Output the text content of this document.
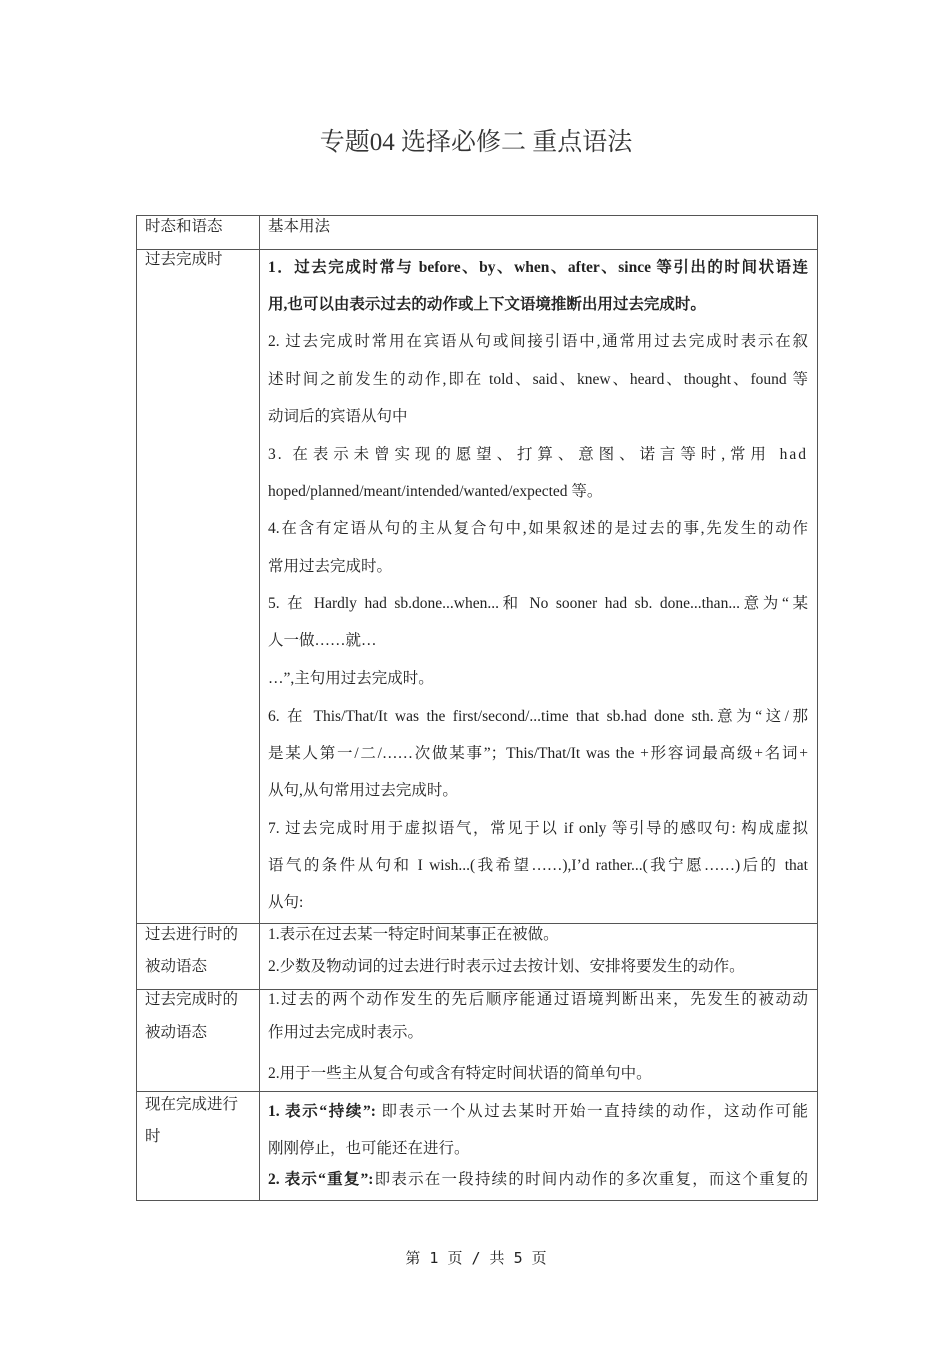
专题04 选择必修二 重点语法
时态和语态	基本用法
过去完成时	1．过去完成时常与 before、by、when、after、since 等引出的时间状语连
用,也可以由表示过去的动作或上下文语境推断出用过去完成时。
2. 过去完成时常用在宾语从句或间接引语中,通常用过去完成时表示在叙
述时间之前发生的动作,即在 told、said、knew、heard、thought、found 等
动词后的宾语从句中
3. 在表示未曾实现的愿望、打算、意图、诺言等时,常用 had
hoped/planned/meant/intended/wanted/expected 等。
4.在含有定语从句的主从复合句中,如果叙述的是过去的事,先发生的动作
常用过去完成时。
5. 在 Hardly had sb.done...when...和 No sooner had sb. done...than...意为“某
人一做……就…
…”,主句用过去完成时。
6. 在 This/That/It was the first/second/...time that sb.had done sth.意为“这/那
是某人第一/二/……次做某事”；This/That/It was the +形容词最高级+名词+
从句,从句常用过去完成时。
7. 过去完成时用于虚拟语气，常见于以 if only 等引导的感叹句: 构成虚拟
语气的条件从句和 I wish...(我希望……),I’d rather...(我宁愿……)后的 that
从句:
过去进行时的
被动语态
1.表示在过去某一特定时间某事正在被做。
2.少数及物动词的过去进行时表示过去按计划、安排将要发生的动作。
过去完成时的
被动语态
1.过去的两个动作发生的先后顺序能通过语境判断出来，先发生的被动动
作用过去完成时表示。
2.用于一些主从复合句或含有特定时间状语的简单句中。
现在完成进行
时
1. 表示“持续”: 即表示一个从过去某时开始一直持续的动作，这动作可能
刚刚停止，也可能还在进行。
2. 表示“重复”:即表示在一段持续的时间内动作的多次重复，而这个重复的
第 1 页 / 共 5 页
